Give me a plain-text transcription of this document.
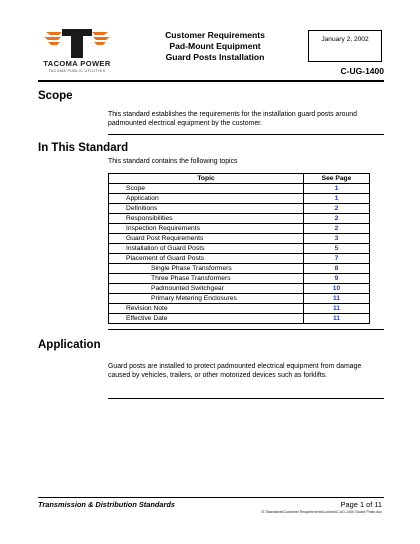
TACOMA POWER
TACOMA PUBLIC UTILITIES
Customer Requirements
Pad-Mount Equipment
Guard Posts Installation
January 2, 2002
C-UG-1400
Scope

This standard establishes the requirements for the installation guard posts around padmounted electrical equipment by the customer.

In This Standard

This standard contains the following topics

Topic	See Page
Scope	1
Application	1
Definitions	2
Responsibilities	2
Inspection Requirements	2
Guard Post Requirements	3
Installation of Guard Posts	5
Placement of Guard Posts	7
Single Phase Transformers	8
Three Phase Transformers	9
Padmounted Switchgear	10
Primary Metering Enclosures	11
Revision Note	11
Effective Date	11
Application

Guard posts are installed to protect padmounted electrical equipment from damage caused by vehicles, trailers, or other motorized devices such as forklifts.

Transmission & Distribution Standards	Page 1 of 11
\\T-Standards\Customer Requirements\Locked\C-UG-1400 Guard Posts.doc
